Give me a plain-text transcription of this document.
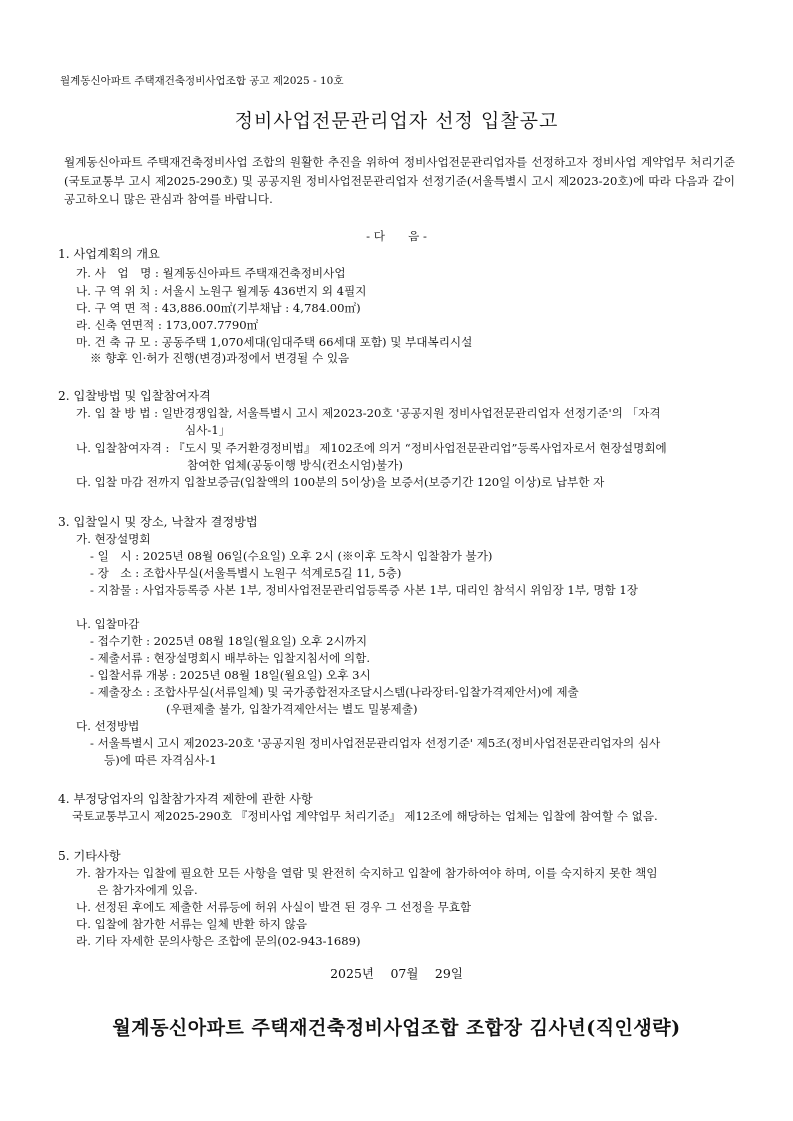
월계동신아파트 주택재건축정비사업조합 공고 제2025 - 10호
정비사업전문관리업자 선정 입찰공고
월계동신아파트 주택재건축정비사업 조합의 원활한 추진을 위하여 정비사업전문관리업자를 선정하고자 정비사업 계약업무 처리기준(국토교통부 고시 제2025-290호) 및 공공지원 정비사업전문관리업자 선정기준(서울특별시 고시 제2023-20호)에 따라 다음과 같이 공고하오니 많은 관심과 참여를 바랍니다.
- 다　　음 -
1. 사업계획의 개요
가. 사　업　명 : 월계동신아파트 주택재건축정비사업
나. 구 역 위 치 : 서울시 노원구 월계동 436번지 외 4필지
다. 구 역 면 적 : 43,886.00㎡(기부채납 : 4,784.00㎡)
라. 신축 연면적 : 173,007.7790㎡
마. 건 축 규 모 : 공동주택 1,070세대(임대주택 66세대 포함) 및 부대복리시설
※ 향후 인·허가 진행(변경)과정에서 변경될 수 있음
2. 입찰방법 및 입찰참여자격
가. 입 찰 방 법 : 일반경쟁입찰, 서울특별시 고시 제2023-20호 '공공지원 정비사업전문관리업자 선정기준'의 「자격
심사-1」
나. 입찰참여자격 : 『도시 및 주거환경정비법』 제102조에 의거 “정비사업전문관리업”등록사업자로서 현장설명회에
참여한 업체(공동이행 방식(컨소시엄)불가)
다. 입찰 마감 전까지 입찰보증금(입찰액의 100분의 5이상)을 보증서(보증기간 120일 이상)로 납부한 자
3. 입찰일시 및 장소, 낙찰자 결정방법
가. 현장설명회
- 일　시 : 2025년 08월 06일(수요일) 오후 2시 (※이후 도착시 입찰참가 불가)
- 장　소 : 조합사무실(서울특별시 노원구 석계로5길 11, 5층)
- 지참물 : 사업자등록증 사본 1부, 정비사업전문관리업등록증 사본 1부, 대리인 참석시 위임장 1부, 명함 1장
나. 입찰마감
- 접수기한 : 2025년 08월 18일(월요일) 오후 2시까지
- 제출서류 : 현장설명회시 배부하는 입찰지침서에 의함.
- 입찰서류 개봉 : 2025년 08월 18일(월요일) 오후 3시
- 제출장소 : 조합사무실(서류일체) 및 국가종합전자조달시스템(나라장터-입찰가격제안서)에 제출
(우편제출 불가, 입찰가격제안서는 별도 밀봉제출)
다. 선정방법
- 서울특별시 고시 제2023-20호 '공공지원 정비사업전문관리업자 선정기준' 제5조(정비사업전문관리업자의 심사
등)에 따른 자격심사-1
4. 부정당업자의 입찰참가자격 제한에 관한 사항
국토교통부고시 제2025-290호 『정비사업 계약업무 처리기준』 제12조에 해당하는 업체는 입찰에 참여할 수 없음.
5. 기타사항
가. 참가자는 입찰에 필요한 모든 사항을 열람 및 완전히 숙지하고 입찰에 참가하여야 하며, 이를 숙지하지 못한 책임
은 참가자에게 있음.
나. 선정된 후에도 제출한 서류등에 허위 사실이 발견 된 경우 그 선정을 무효함
다. 입찰에 참가한 서류는 일체 반환 하지 않음
라. 기타 자세한 문의사항은 조합에 문의(02-943-1689)
2025년　 07월　 29일
월계동신아파트 주택재건축정비사업조합 조합장 김사년(직인생략)
